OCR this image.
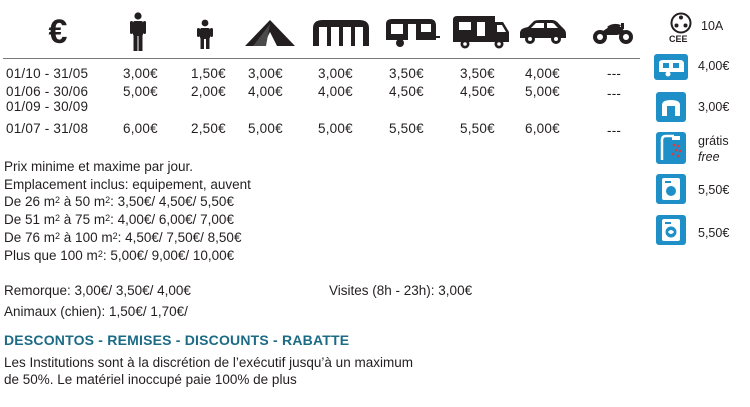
€
01/10 - 31/05	3,00€ 1,50€ 3,00€	3,00€	3,50€	3,50€ 4,00€	---
01/06 - 30/06
01/09 - 30/09
5,00€ 2,00€ 4,00€	4,00€	4,50€	4,50€ 5,00€	---
01/07 - 31/08	6,00€ 2,50€ 5,00€	5,00€	5,50€	5,50€ 6,00€	---
Prix minime et maxime par jour.
Emplacement inclus: equipement, auvent
De 26 $m^2$ à 50 $m^2$: 3,50€/ 4,50€/ 5,50€
De 51 $m^2$ à 75 $m^2$: 4,00€/ 6,00€/ 7,00€
De 76 $m^2$ à 100 $m^2$: 4,50€/ 7,50€/ 8,50€
Plus que 100 $m^2$: 5,00€/ 9,00€/ 10,00€
Remorque: 3,00€/ 3,50€/ 4,00€	Visites (8h - 23h): 3,00€
Animaux (chien): 1,50€/ 1,70€/
DESCONTOS - REMISES - DISCOUNTS - RABATTE
Les Institutions sont à la discrétion de l’exécutif jusqu’à un maximum
de 50%. Le matériel inoccupé paie 100% de plus
CEE
10A
4,00€
3,00€
grátis
free
5,50€
5,50€
